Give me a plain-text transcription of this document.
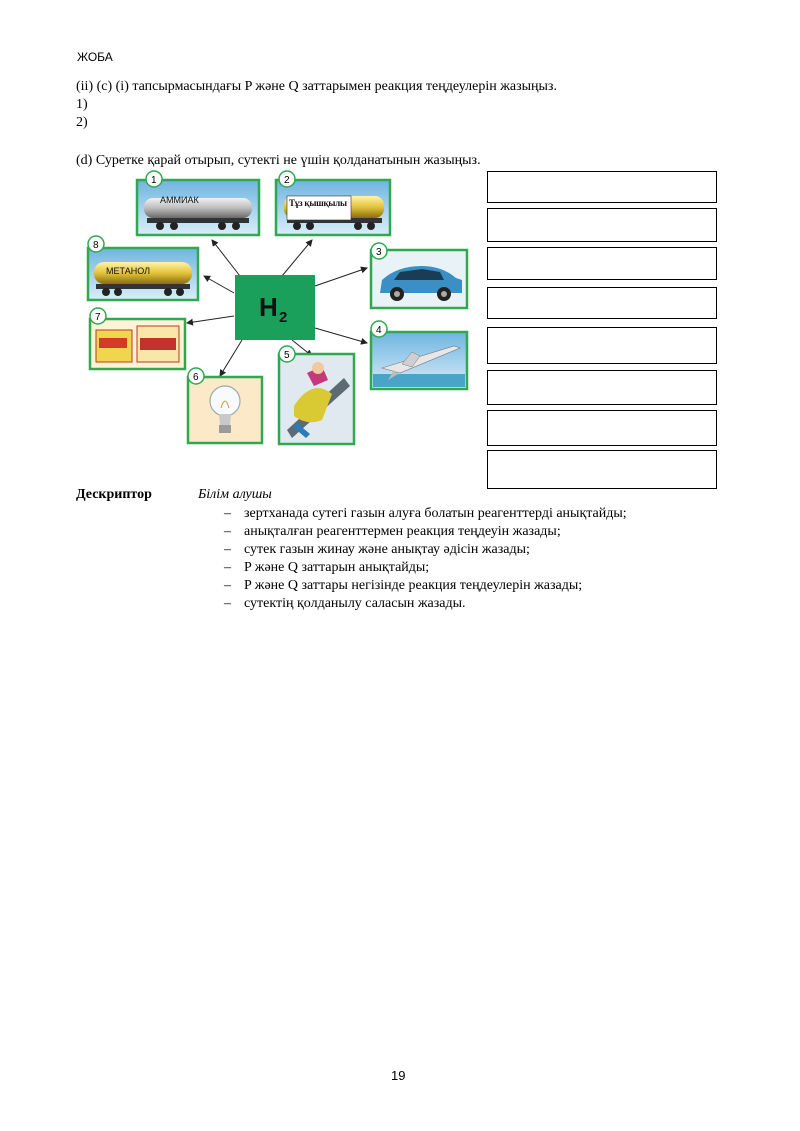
ЖОБА
(ii) (c) (i) тапсырмасындағы P және Q заттарымен реакция теңдеулерін жазыңыз.
1)
2)
(d) Суретке қарай отырып, сутекті не үшін қолданатынын жазыңыз.
H 2
АММИАК
1
Тұз қышқылы
2
3
4
5
6
7
МЕТАНОЛ
8
Дескриптор	Білім алушы
– зертханада сутегі газын алуға болатын реагенттерді анықтайды;
– анықталған реагенттермен реакция теңдеуін жазады;
– сутек газын жинау және анықтау әдісін жазады;
– P және Q заттарын анықтайды;
– P және Q заттары негізінде реакция теңдеулерін жазады;
– сутектің қолданылу саласын жазады.
19
